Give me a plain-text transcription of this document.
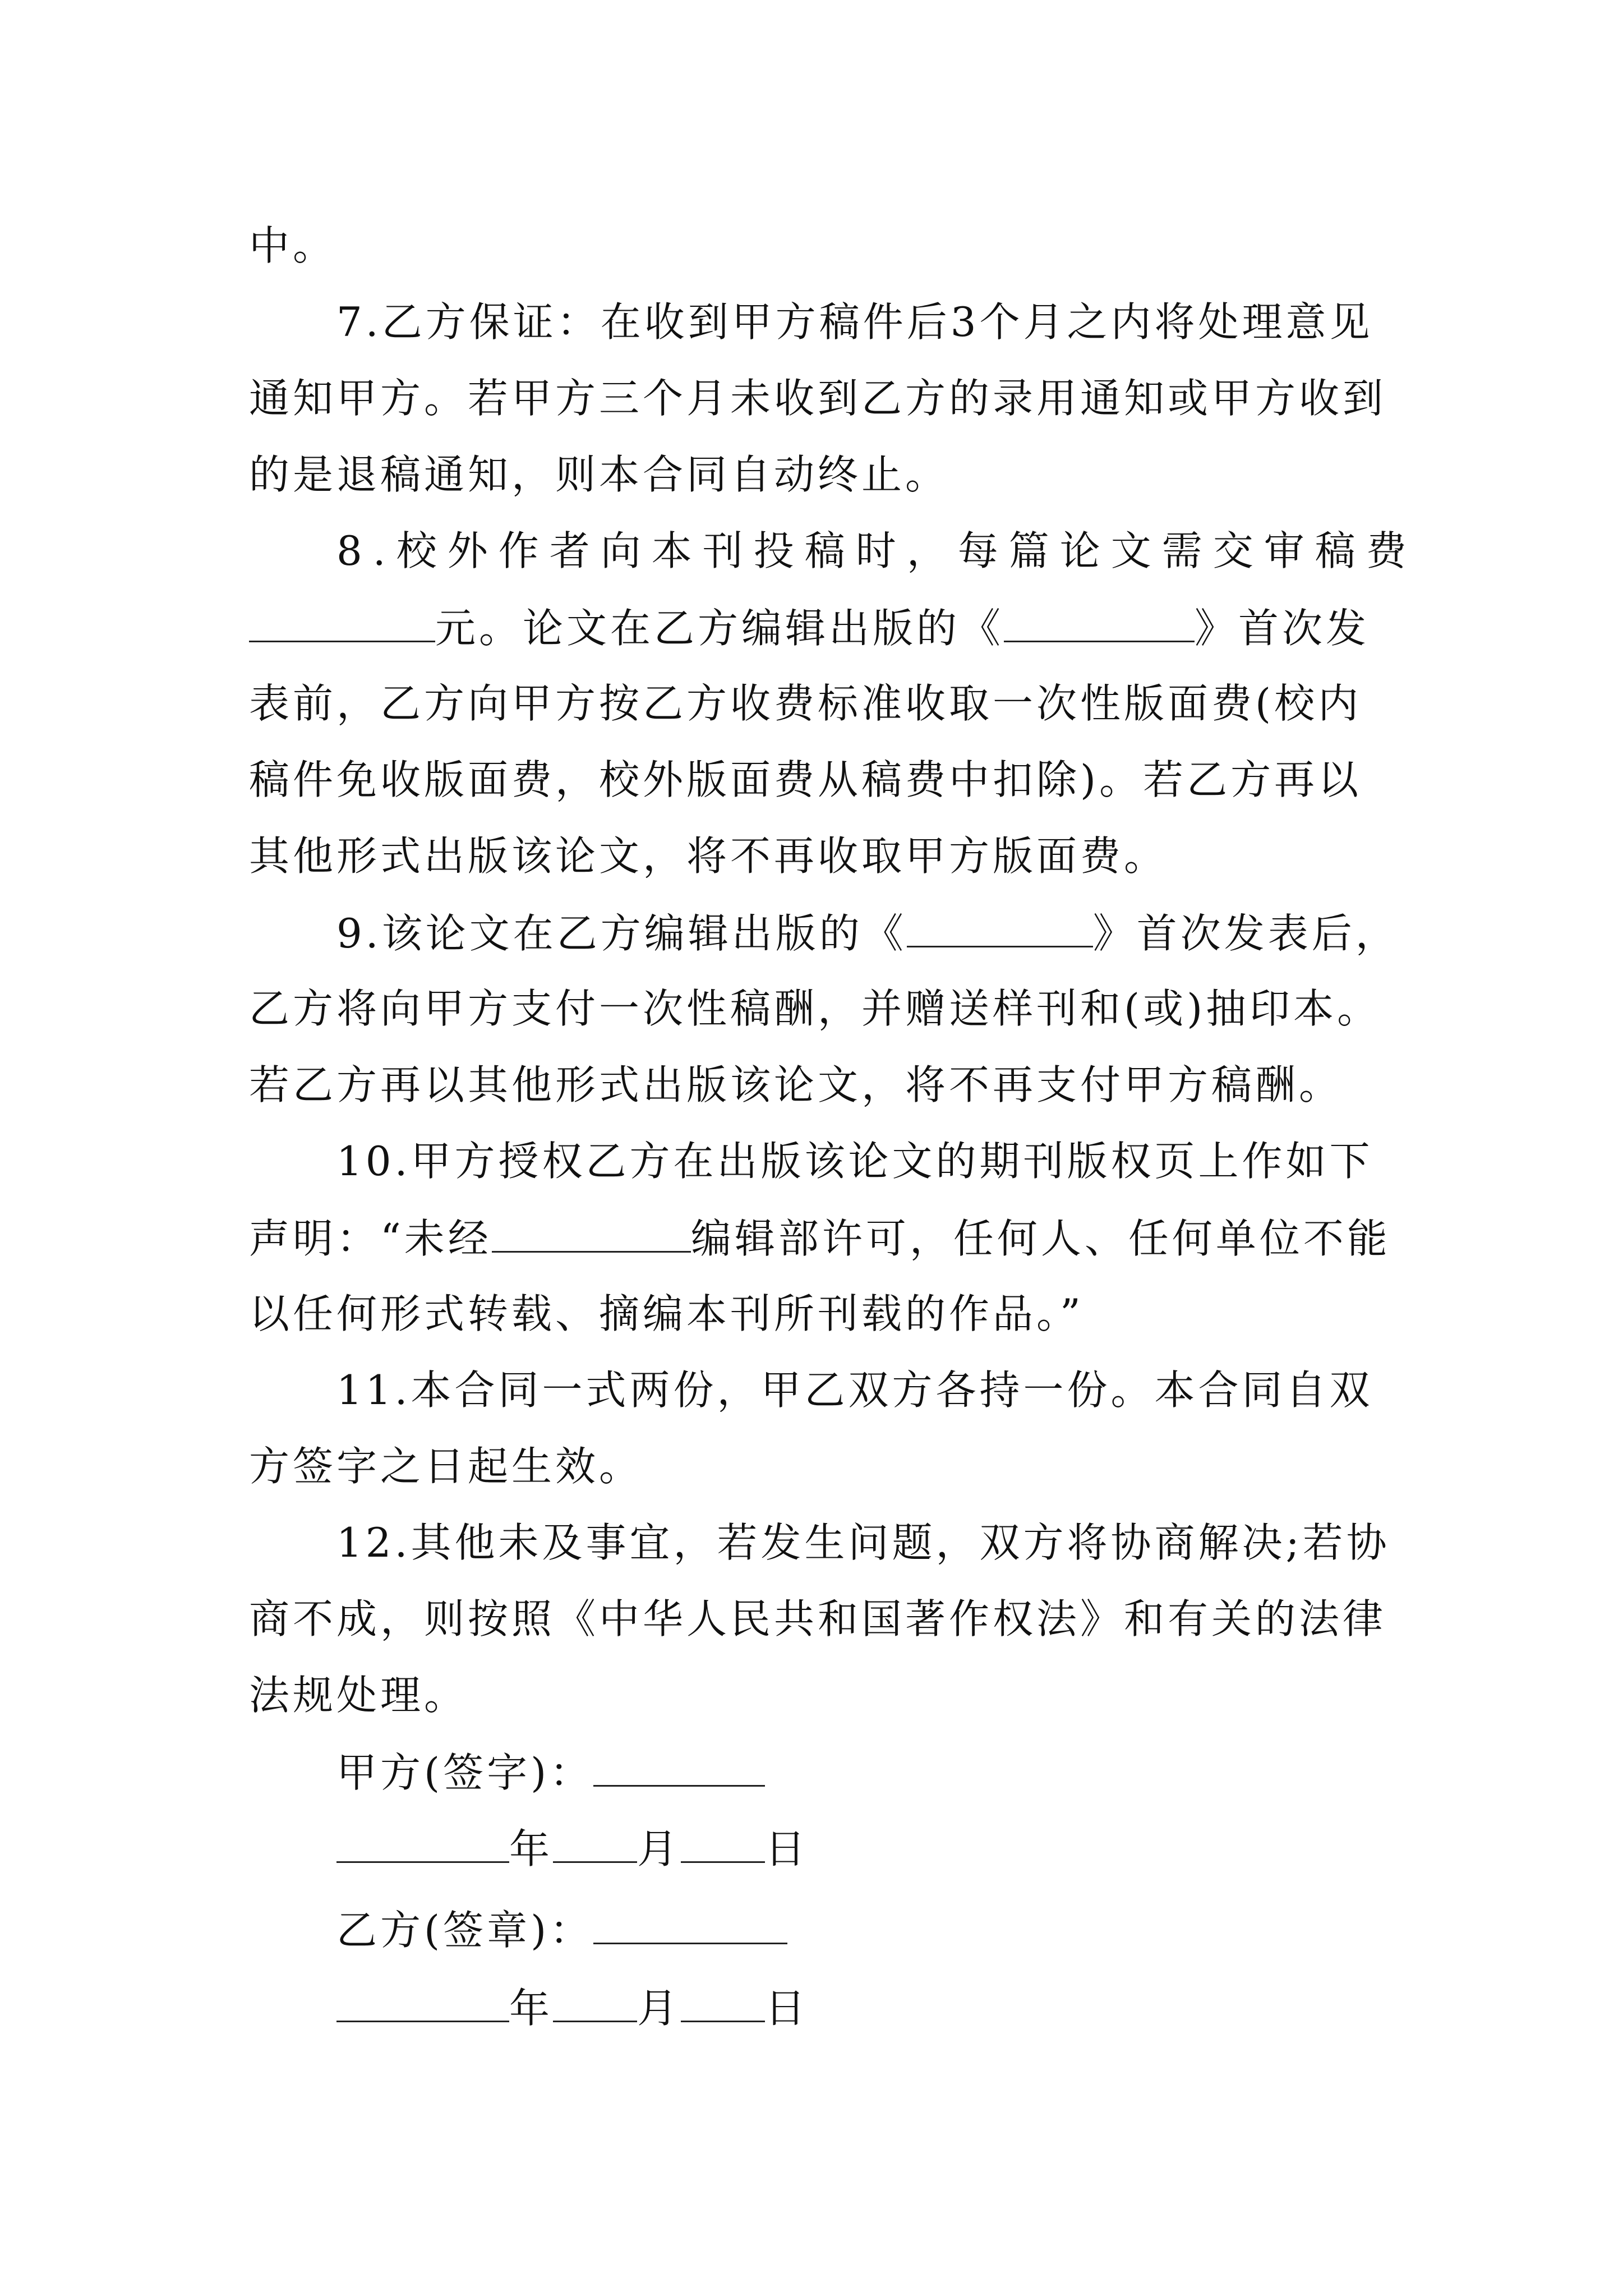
中。
7.乙方保证：在收到甲方稿件后3个月之内将处理意见
通知甲方。若甲方三个月未收到乙方的录用通知或甲方收到
的是退稿通知，则本合同自动终止。
8.校外作者向本刊投稿时，每篇论文需交审稿费
元。论文在乙方编辑出版的《	》首次发
表前，乙方向甲方按乙方收费标准收取一次性版面费(校内
稿件免收版面费，校外版面费从稿费中扣除)。若乙方再以
其他形式出版该论文，将不再收取甲方版面费。
9.该论文在乙方编辑出版的《	》首次发表后，
乙方将向甲方支付一次性稿酬，并赠送样刊和(或)抽印本。
若乙方再以其他形式出版该论文，将不再支付甲方稿酬。
10.甲方授权乙方在出版该论文的期刊版权页上作如下
声明：“未经	编辑部许可，任何人、任何单位不能
以任何形式转载、摘编本刊所刊载的作品。”
11.本合同一式两份，甲乙双方各持一份。本合同自双
方签字之日起生效。
12.其他未及事宜，若发生问题，双方将协商解决;若协
商不成，则按照《中华人民共和国著作权法》和有关的法律
法规处理。
甲方(签字)：
年 月 日
乙方(签章)：
年 月 日
